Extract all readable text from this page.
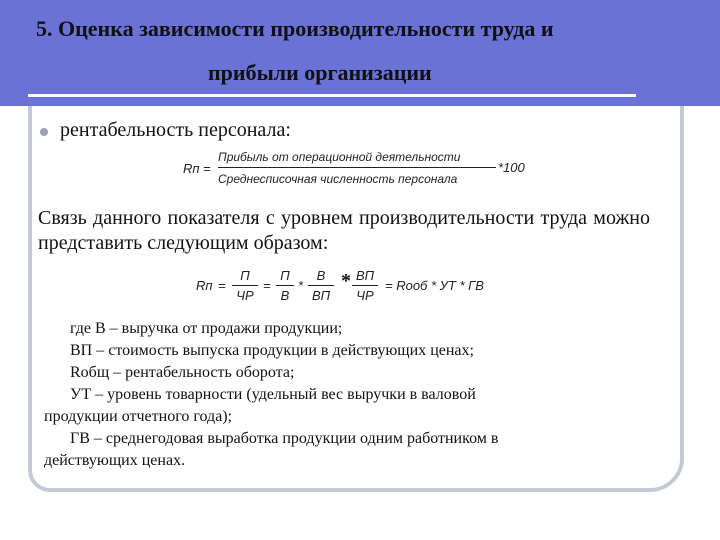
5. Оценка зависимости производительности труда и
прибыли организации
рентабельность персонала:
Rп =
Прибыль от операционной деятельности
Среднесписочная численность персонала
*100
Связь данного показателя с уровнем производительности труда можно представить следующим образом:
Rп =
П
ЧР
=
П
В
*
В
ВП
* ВП
ЧР
= Rооб * УТ * ГВ
где В – выручка от продажи продукции;
ВП – стоимость выпуска продукции в действующих ценах;
Rобщ – рентабельность оборота;
УТ – уровень товарности (удельный вес выручки в валовой
продукции отчетного года);
ГВ – среднегодовая выработка продукции одним работником в
действующих ценах.
